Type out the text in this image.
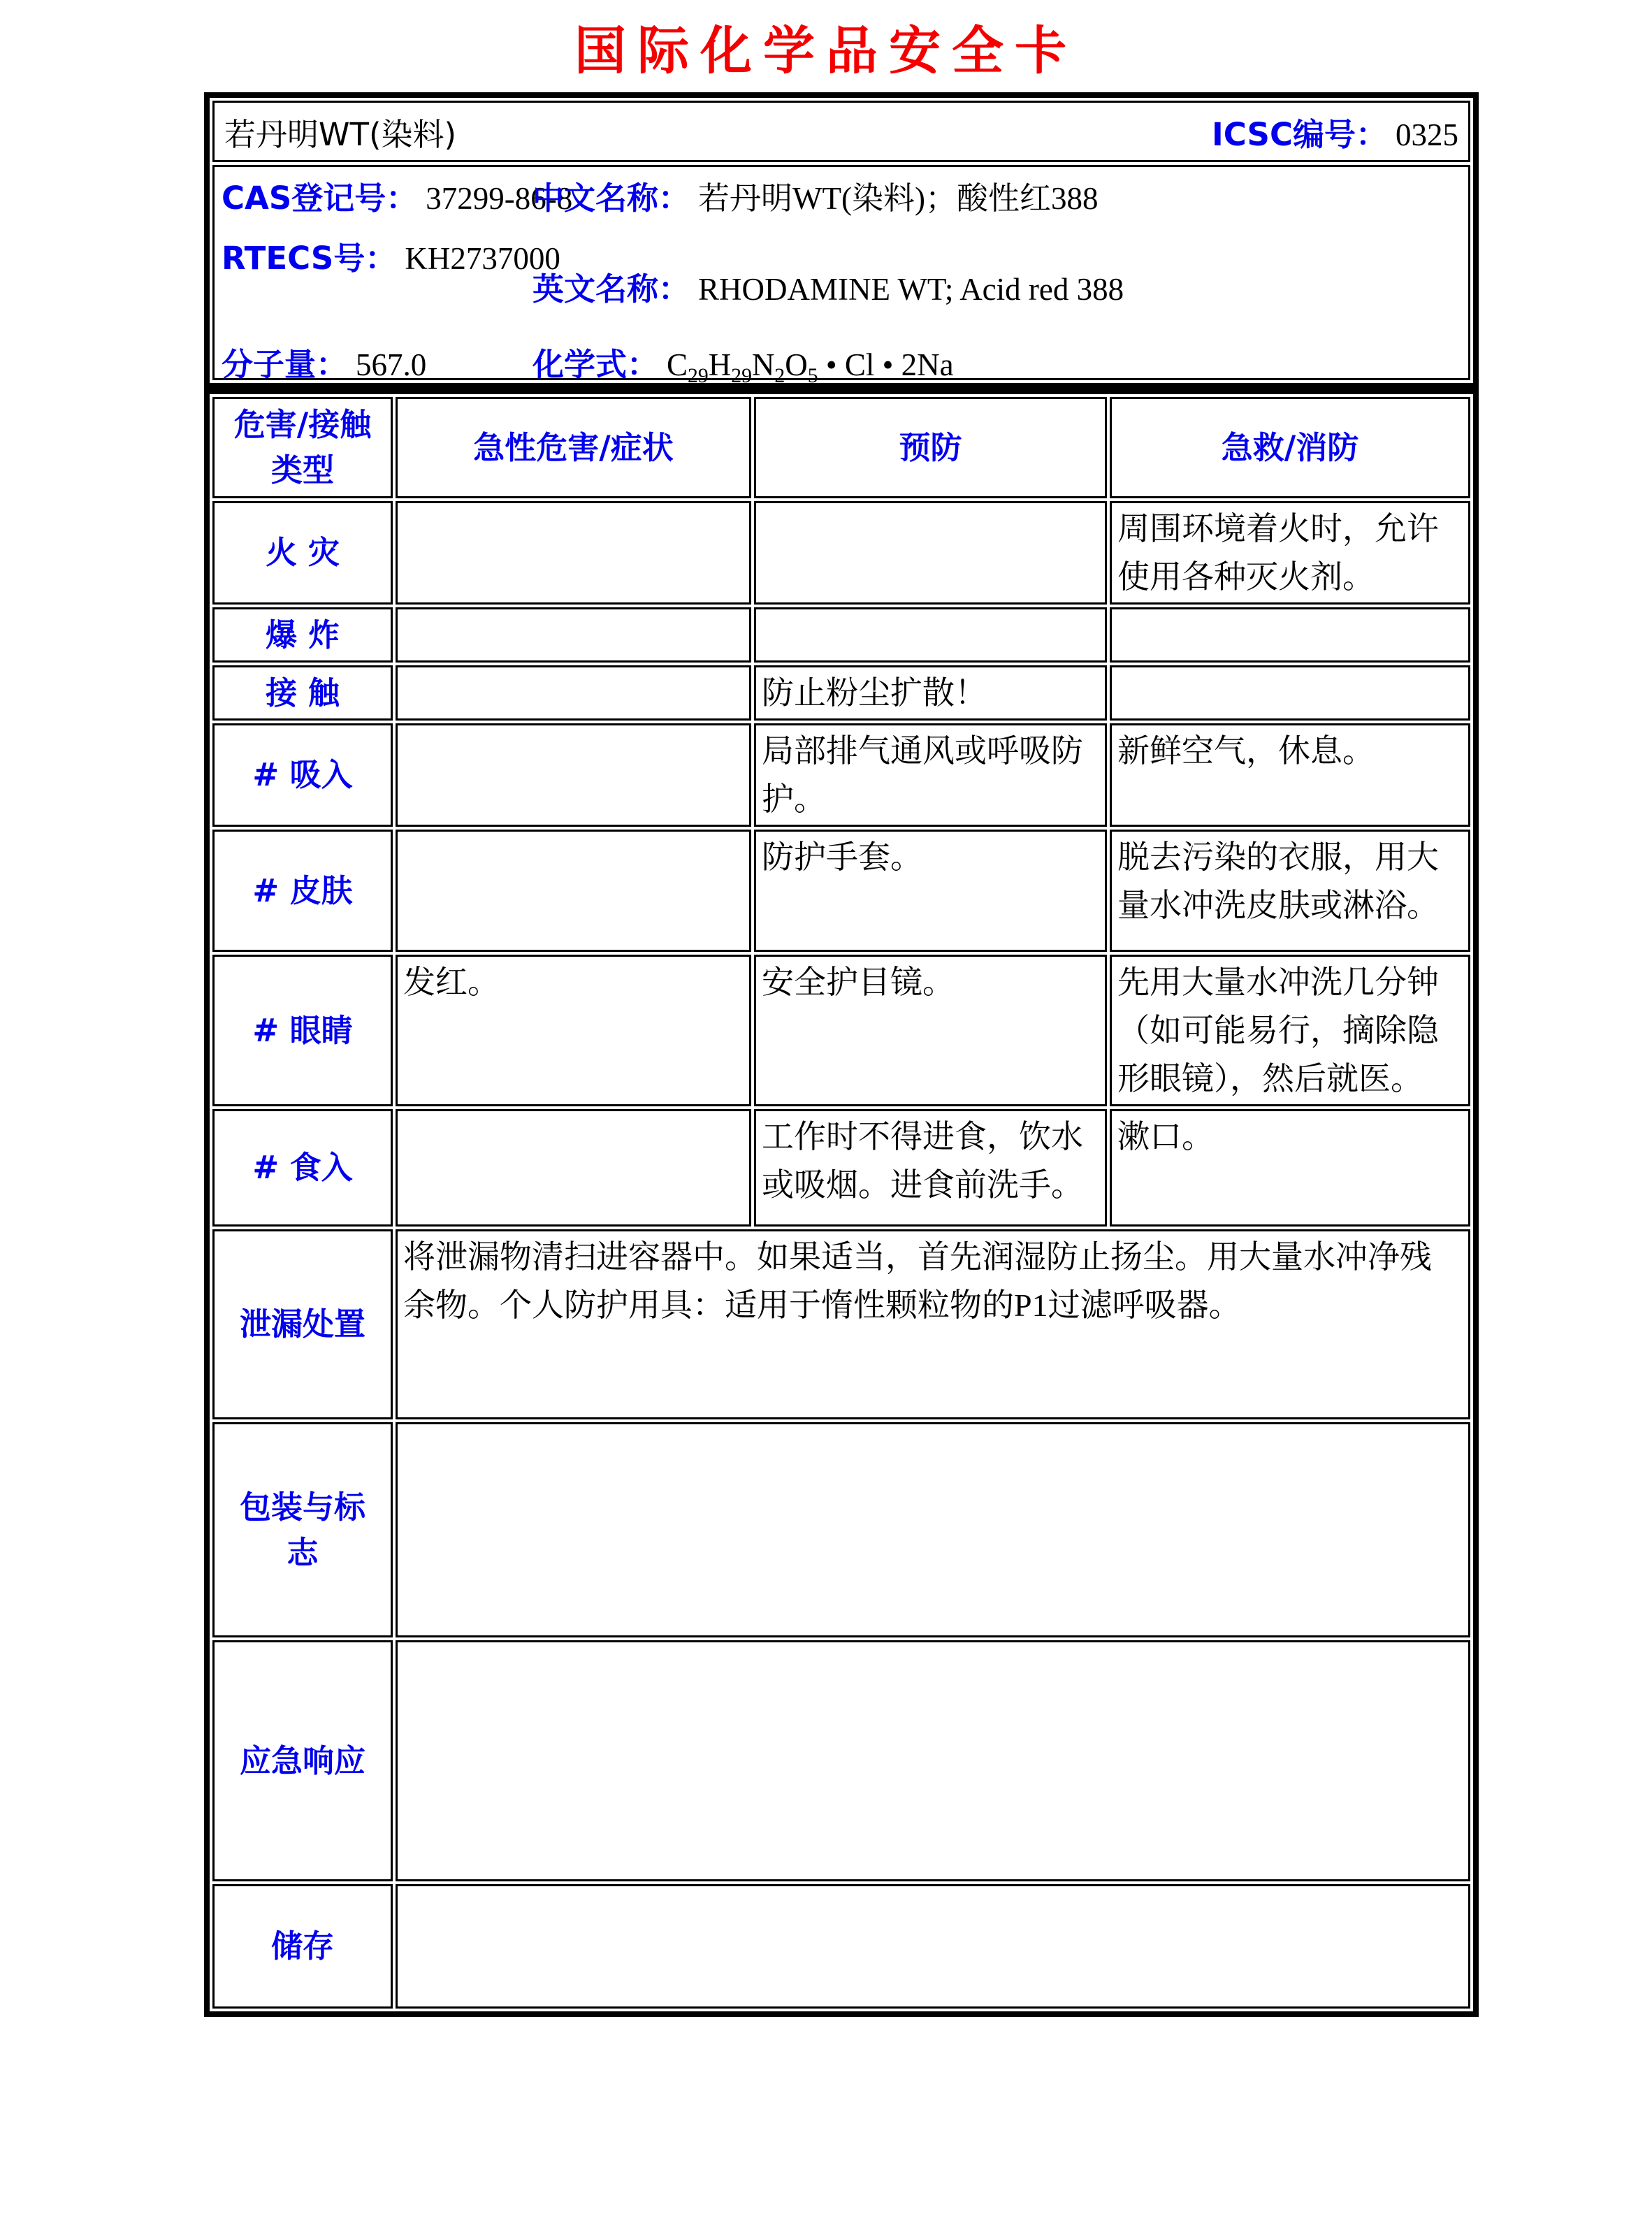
国际化学品安全卡
若丹明WT(染料)	ICSC编号： 0325
CAS登记号： 37299-86-8
中文名称： 若丹明WT(染料)；酸性红388
RTECS号： KH2737000
英文名称： RHODAMINE WT; Acid red 388
分子量： 567.0	化学式： $C_{29}H_{29}N_2O_5$ • Cl • 2Na
危害/接触类型	急性危害/症状	预防	急救/消防
火 灾			周围环境着火时，允许使用各种灭火剂。
爆 炸			
接 触		防止粉尘扩散！	
# 吸入		局部排气通风或呼吸防护。	新鲜空气，休息。
# 皮肤		防护手套。	脱去污染的衣服，用大量水冲洗皮肤或淋浴。
# 眼睛	发红。	安全护目镜。	先用大量水冲洗几分钟（如可能易行，摘除隐形眼镜），然后就医。
# 食入		工作时不得进食，饮水或吸烟。进食前洗手。	漱口。
泄漏处置	将泄漏物清扫进容器中。如果适当，首先润湿防止扬尘。用大量水冲净残余物。个人防护用具：适用于惰性颗粒物的P1过滤呼吸器。		
包装与标志			
应急响应			
储存			
